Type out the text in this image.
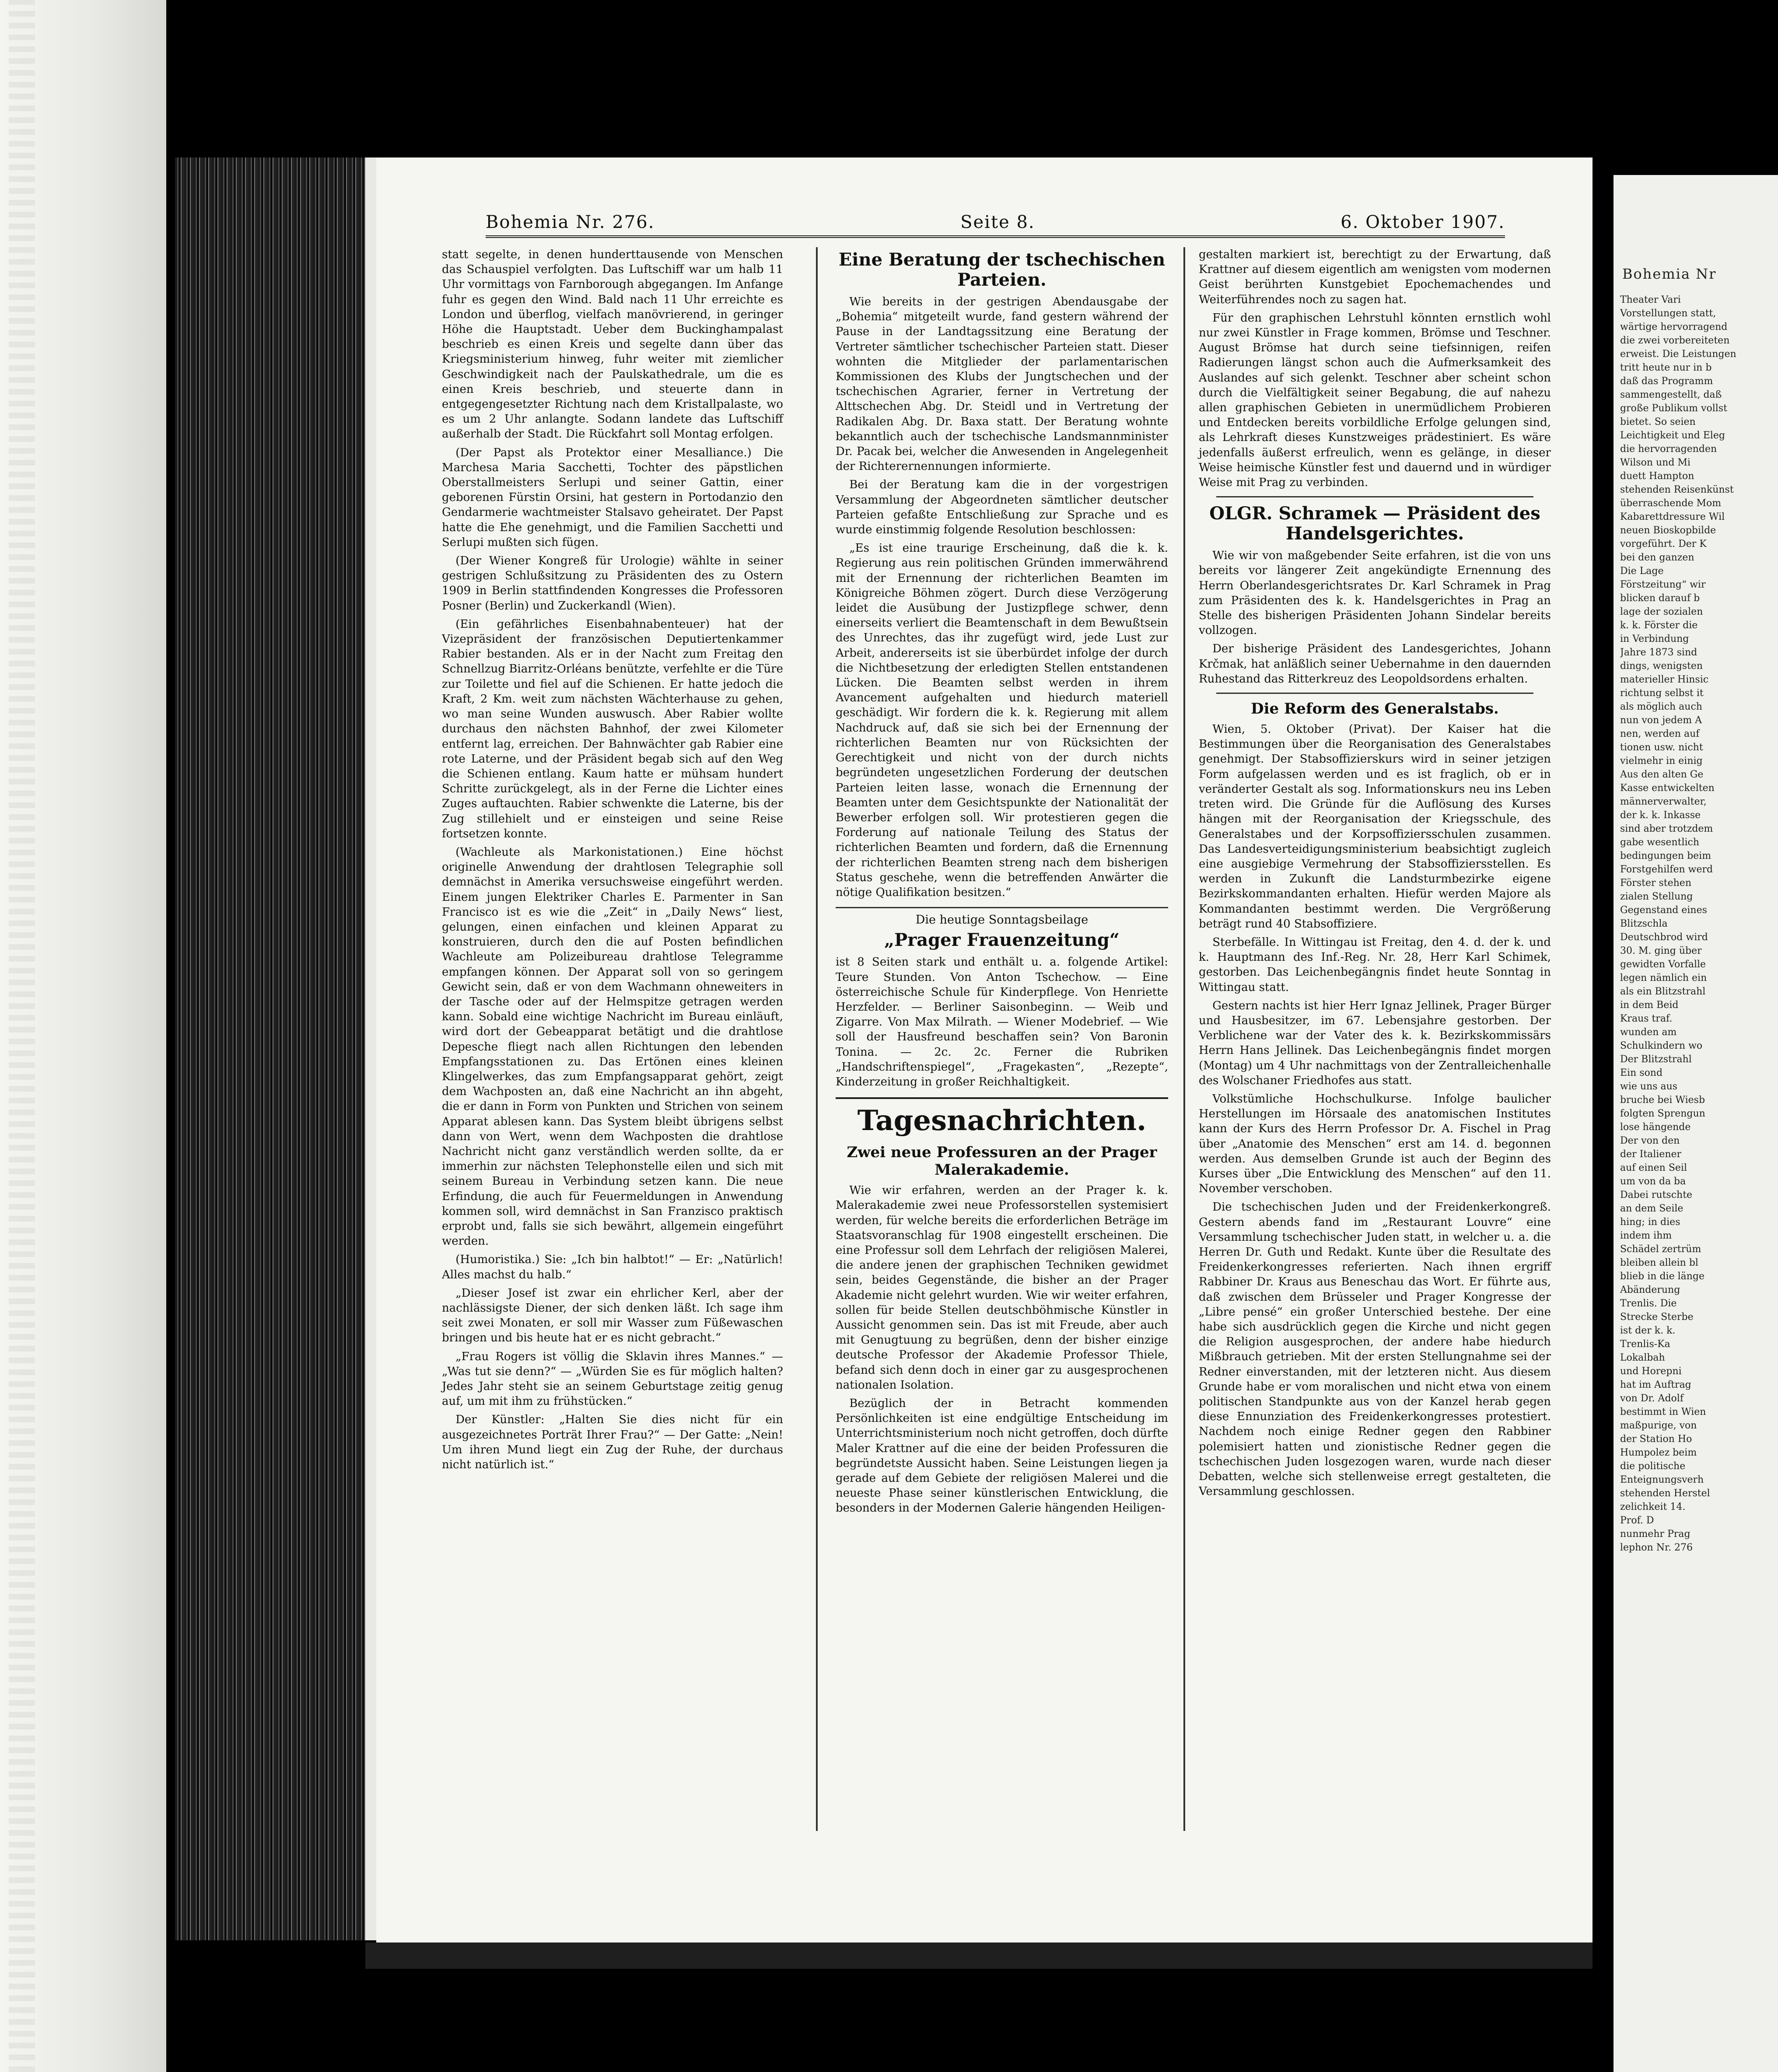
Bohemia Nr. 276.	Seite 8.	6. Oktober 1907.

statt segelte, in denen hunderttausende von Menschen das Schauspiel verfolgten. Das Luftschiff war um halb 11 Uhr vormittags von Farnborough abgegangen. Im Anfange fuhr es gegen den Wind. Bald nach 11 Uhr erreichte es London und überflog, vielfach manövrierend, in geringer Höhe die Hauptstadt. Ueber dem Buckinghampalast beschrieb es einen Kreis und segelte dann über das Kriegsministerium hinweg, fuhr weiter mit ziemlicher Geschwindigkeit nach der Paulskathedrale, um die es einen Kreis beschrieb, und steuerte dann in entgegengesetzter Richtung nach dem Kristallpalaste, wo es um 2 Uhr anlangte. Sodann landete das Luftschiff außerhalb der Stadt. Die Rückfahrt soll Montag erfolgen.

(Der Papst als Protektor einer Mesalliance.) Die Marchesa Maria Sacchetti, Tochter des päpstlichen Oberstallmeisters Serlupi und seiner Gattin, einer geborenen Fürstin Orsini, hat gestern in Portodanzio den Gendarmerie wachtmeister Stalsavo geheiratet. Der Papst hatte die Ehe genehmigt, und die Familien Sacchetti und Serlupi mußten sich fügen.

(Der Wiener Kongreß für Urologie) wählte in seiner gestrigen Schlußsitzung zu Präsidenten des zu Ostern 1909 in Berlin stattfindenden Kongresses die Professoren Posner (Berlin) und Zuckerkandl (Wien).

(Ein gefährliches Eisenbahnabenteuer) hat der Vizepräsident der französischen Deputiertenkammer Rabier bestanden. Als er in der Nacht zum Freitag den Schnellzug Biarritz-Orléans benützte, verfehlte er die Türe zur Toilette und fiel auf die Schienen. Er hatte jedoch die Kraft, 2 Km. weit zum nächsten Wächterhause zu gehen, wo man seine Wunden auswusch. Aber Rabier wollte durchaus den nächsten Bahnhof, der zwei Kilometer entfernt lag, erreichen. Der Bahnwächter gab Rabier eine rote Laterne, und der Präsident begab sich auf den Weg die Schienen entlang. Kaum hatte er mühsam hundert Schritte zurückgelegt, als in der Ferne die Lichter eines Zuges auftauchten. Rabier schwenkte die Laterne, bis der Zug stillehielt und er einsteigen und seine Reise fortsetzen konnte.

(Wachleute als Markonistationen.) Eine höchst originelle Anwendung der drahtlosen Telegraphie soll demnächst in Amerika versuchsweise eingeführt werden. Einem jungen Elektriker Charles E. Parmenter in San Francisco ist es wie die „Zeit“ in „Daily News“ liest, gelungen, einen einfachen und kleinen Apparat zu konstruieren, durch den die auf Posten befindlichen Wachleute am Polizeibureau drahtlose Telegramme empfangen können. Der Apparat soll von so geringem Gewicht sein, daß er von dem Wachmann ohneweiters in der Tasche oder auf der Helmspitze getragen werden kann. Sobald eine wichtige Nachricht im Bureau einläuft, wird dort der Gebeapparat betätigt und die drahtlose Depesche fliegt nach allen Richtungen den lebenden Empfangsstationen zu. Das Ertönen eines kleinen Klingelwerkes, das zum Empfangsapparat gehört, zeigt dem Wachposten an, daß eine Nachricht an ihn abgeht, die er dann in Form von Punkten und Strichen von seinem Apparat ablesen kann. Das System bleibt übrigens selbst dann von Wert, wenn dem Wachposten die drahtlose Nachricht nicht ganz verständlich werden sollte, da er immerhin zur nächsten Telephonstelle eilen und sich mit seinem Bureau in Verbindung setzen kann. Die neue Erfindung, die auch für Feuermeldungen in Anwendung kommen soll, wird demnächst in San Franzisco praktisch erprobt und, falls sie sich bewährt, allgemein eingeführt werden.

(Humoristika.) Sie: „Ich bin halbtot!“ — Er: „Natürlich! Alles machst du halb.“

„Dieser Josef ist zwar ein ehrlicher Kerl, aber der nachlässigste Diener, der sich denken läßt. Ich sage ihm seit zwei Monaten, er soll mir Wasser zum Füßewaschen bringen und bis heute hat er es nicht gebracht.“

„Frau Rogers ist völlig die Sklavin ihres Mannes.“ — „Was tut sie denn?“ — „Würden Sie es für möglich halten? Jedes Jahr steht sie an seinem Geburtstage zeitig genug auf, um mit ihm zu frühstücken.“

Der Künstler: „Halten Sie dies nicht für ein ausgezeichnetes Porträt Ihrer Frau?“ — Der Gatte: „Nein! Um ihren Mund liegt ein Zug der Ruhe, der durchaus nicht natürlich ist.“

Eine Beratung der tschechischen Parteien.

Wie bereits in der gestrigen Abendausgabe der „Bohemia“ mitgeteilt wurde, fand gestern während der Pause in der Landtagssitzung eine Beratung der Vertreter sämtlicher tschechischer Parteien statt. Dieser wohnten die Mitglieder der parlamentarischen Kommissionen des Klubs der Jungtschechen und der tschechischen Agrarier, ferner in Vertretung der Alttschechen Abg. Dr. Steidl und in Vertretung der Radikalen Abg. Dr. Baxa statt. Der Beratung wohnte bekanntlich auch der tschechische Landsmannminister Dr. Pacak bei, welcher die Anwesenden in Angelegenheit der Richterernennungen informierte.

Bei der Beratung kam die in der vorgestrigen Versammlung der Abgeordneten sämtlicher deutscher Parteien gefaßte Entschließung zur Sprache und es wurde einstimmig folgende Resolution beschlossen:

„Es ist eine traurige Erscheinung, daß die k. k. Regierung aus rein politischen Gründen immerwährend mit der Ernennung der richterlichen Beamten im Königreiche Böhmen zögert. Durch diese Verzögerung leidet die Ausübung der Justizpflege schwer, denn einerseits verliert die Beamtenschaft in dem Bewußtsein des Unrechtes, das ihr zugefügt wird, jede Lust zur Arbeit, andererseits ist sie überbürdet infolge der durch die Nichtbesetzung der erledigten Stellen entstandenen Lücken. Die Beamten selbst werden in ihrem Avancement aufgehalten und hiedurch materiell geschädigt. Wir fordern die k. k. Regierung mit allem Nachdruck auf, daß sie sich bei der Ernennung der richterlichen Beamten nur von Rücksichten der Gerechtigkeit und nicht von der durch nichts begründeten ungesetzlichen Forderung der deutschen Parteien leiten lasse, wonach die Ernennung der Beamten unter dem Gesichtspunkte der Nationalität der Bewerber erfolgen soll. Wir protestieren gegen die Forderung auf nationale Teilung des Status der richterlichen Beamten und fordern, daß die Ernennung der richterlichen Beamten streng nach dem bisherigen Status geschehe, wenn die betreffenden Anwärter die nötige Qualifikation besitzen.“

Die heutige Sonntagsbeilage
„Prager Frauenzeitung“

ist 8 Seiten stark und enthält u. a. folgende Artikel: Teure Stunden. Von Anton Tschechow. — Eine österreichische Schule für Kinderpflege. Von Henriette Herzfelder. — Berliner Saisonbeginn. — Weib und Zigarre. Von Max Milrath. — Wiener Modebrief. — Wie soll der Hausfreund beschaffen sein? Von Baronin Tonina. — 2c. 2c. Ferner die Rubriken „Handschriftenspiegel“, „Fragekasten“, „Rezepte“, Kinderzeitung in großer Reichhaltigkeit.

Tagesnachrichten.
Zwei neue Professuren an der Prager Malerakademie.

Wie wir erfahren, werden an der Prager k. k. Malerakademie zwei neue Professorstellen systemisiert werden, für welche bereits die erforderlichen Beträge im Staatsvoranschlag für 1908 eingestellt erscheinen. Die eine Professur soll dem Lehrfach der religiösen Malerei, die andere jenen der graphischen Techniken gewidmet sein, beides Gegenstände, die bisher an der Prager Akademie nicht gelehrt wurden. Wie wir weiter erfahren, sollen für beide Stellen deutschböhmische Künstler in Aussicht genommen sein. Das ist mit Freude, aber auch mit Genugtuung zu begrüßen, denn der bisher einzige deutsche Professor der Akademie Professor Thiele, befand sich denn doch in einer gar zu ausgesprochenen nationalen Isolation.

Bezüglich der in Betracht kommenden Persönlichkeiten ist eine endgültige Entscheidung im Unterrichtsministerium noch nicht getroffen, doch dürfte Maler Krattner auf die eine der beiden Professuren die begründetste Aussicht haben. Seine Leistungen liegen ja gerade auf dem Gebiete der religiösen Malerei und die neueste Phase seiner künstlerischen Entwicklung, die besonders in der Modernen Galerie hängenden Heiligen-

gestalten markiert ist, berechtigt zu der Erwartung, daß Krattner auf diesem eigentlich am wenigsten vom modernen Geist berührten Kunstgebiet Epochemachendes und Weiterführendes noch zu sagen hat.

Für den graphischen Lehrstuhl könnten ernstlich wohl nur zwei Künstler in Frage kommen, Brömse und Teschner. August Brömse hat durch seine tiefsinnigen, reifen Radierungen längst schon auch die Aufmerksamkeit des Auslandes auf sich gelenkt. Teschner aber scheint schon durch die Vielfältigkeit seiner Begabung, die auf nahezu allen graphischen Gebieten in unermüdlichem Probieren und Entdecken bereits vorbildliche Erfolge gelungen sind, als Lehrkraft dieses Kunstzweiges prädestiniert. Es wäre jedenfalls äußerst erfreulich, wenn es gelänge, in dieser Weise heimische Künstler fest und dauernd und in würdiger Weise mit Prag zu verbinden.

OLGR. Schramek — Präsident des Handelsgerichtes.

Wie wir von maßgebender Seite erfahren, ist die von uns bereits vor längerer Zeit angekündigte Ernennung des Herrn Oberlandesgerichtsrates Dr. Karl Schramek in Prag zum Präsidenten des k. k. Handelsgerichtes in Prag an Stelle des bisherigen Präsidenten Johann Sindelar bereits vollzogen.

Der bisherige Präsident des Landesgerichtes, Johann Krčmak, hat anläßlich seiner Uebernahme in den dauernden Ruhestand das Ritterkreuz des Leopoldsordens erhalten.

Die Reform des Generalstabs.

Wien, 5. Oktober (Privat). Der Kaiser hat die Bestimmungen über die Reorganisation des Generalstabes genehmigt. Der Stabsoffizierskurs wird in seiner jetzigen Form aufgelassen werden und es ist fraglich, ob er in veränderter Gestalt als sog. Informationskurs neu ins Leben treten wird. Die Gründe für die Auflösung des Kurses hängen mit der Reorganisation der Kriegsschule, des Generalstabes und der Korpsoffiziersschulen zusammen. Das Landesverteidigungsministerium beabsichtigt zugleich eine ausgiebige Vermehrung der Stabsoffiziersstellen. Es werden in Zukunft die Landsturmbezirke eigene Bezirkskommandanten erhalten. Hiefür werden Majore als Kommandanten bestimmt werden. Die Vergrößerung beträgt rund 40 Stabsoffiziere.

Sterbefälle. In Wittingau ist Freitag, den 4. d. der k. und k. Hauptmann des Inf.-Reg. Nr. 28, Herr Karl Schimek, gestorben. Das Leichenbegängnis findet heute Sonntag in Wittingau statt.

Gestern nachts ist hier Herr Ignaz Jellinek, Prager Bürger und Hausbesitzer, im 67. Lebensjahre gestorben. Der Verblichene war der Vater des k. k. Bezirkskommissärs Herrn Hans Jellinek. Das Leichenbegängnis findet morgen (Montag) um 4 Uhr nachmittags von der Zentralleichenhalle des Wolschaner Friedhofes aus statt.

Volkstümliche Hochschulkurse. Infolge baulicher Herstellungen im Hörsaale des anatomischen Institutes kann der Kurs des Herrn Professor Dr. A. Fischel in Prag über „Anatomie des Menschen“ erst am 14. d. begonnen werden. Aus demselben Grunde ist auch der Beginn des Kurses über „Die Entwicklung des Menschen“ auf den 11. November verschoben.

Die tschechischen Juden und der Freidenkerkongreß. Gestern abends fand im „Restaurant Louvre“ eine Versammlung tschechischer Juden statt, in welcher u. a. die Herren Dr. Guth und Redakt. Kunte über die Resultate des Freidenkerkongresses referierten. Nach ihnen ergriff Rabbiner Dr. Kraus aus Beneschau das Wort. Er führte aus, daß zwischen dem Brüsseler und Prager Kongresse der „Libre pensé“ ein großer Unterschied bestehe. Der eine habe sich ausdrücklich gegen die Kirche und nicht gegen die Religion ausgesprochen, der andere habe hiedurch Mißbrauch getrieben. Mit der ersten Stellungnahme sei der Redner einverstanden, mit der letzteren nicht. Aus diesem Grunde habe er vom moralischen und nicht etwa von einem politischen Standpunkte aus von der Kanzel herab gegen diese Ennunziation des Freidenkerkongresses protestiert. Nachdem noch einige Redner gegen den Rabbiner polemisiert hatten und zionistische Redner gegen die tschechischen Juden losgezogen waren, wurde nach dieser Debatten, welche sich stellenweise erregt gestalteten, die Versammlung geschlossen.

Bohemia Nr
Theater Vari
Vorstellungen statt,
wärtige hervorragend
die zwei vorbereiteten
erweist. Die Leistungen
tritt heute nur in b
daß das Programm
sammengestellt, daß
große Publikum vollst
bietet. So seien
Leichtigkeit und Eleg
die hervorragenden
Wilson und Mi
duett Hampton
stehenden Reisenkünst
überraschende Mom
Kabarettdressure Wil
neuen Bioskopbilde
vorgeführt. Der K
bei den ganzen
Die Lage
Förstzeitung“ wir
blicken darauf b
lage der sozialen
k. k. Förster die
in Verbindung
Jahre 1873 sind
dings, wenigsten
materieller Hinsic
richtung selbst it
als möglich auch
nun von jedem A
nen, werden auf
tionen usw. nicht
vielmehr in einig
Aus den alten Ge
Kasse entwickelten
männerverwalter,
der k. k. Inkasse
sind aber trotzdem
gabe wesentlich
bedingungen beim
Forstgehilfen werd
Förster stehen
zialen Stellung
Gegenstand eines
Blitzschla
Deutschbrod wird
30. M. ging über
gewidten Vorfalle
legen nämlich ein
als ein Blitzstrahl
in dem Beid
Kraus traf.
wunden am
Schulkindern wo
Der Blitzstrahl
Ein sond
wie uns aus
bruche bei Wiesb
folgten Sprengun
lose hängende
Der von den
der Italiener
auf einen Seil
um von da ba
Dabei rutschte
an dem Seile
hing; in dies
indem ihm
Schädel zertrüm
bleiben allein bl
blieb in die länge
Abänderung
Trenlis. Die
Strecke Sterbe
ist der k. k.
Trenlis-Ka
Lokalbah
und Horepni
hat im Auftrag
von Dr. Adolf
bestimmt in Wien
maßpurige, von
der Station Ho
Humpolez beim
die politische
Enteignungsverh
stehenden Herstel
zelichkeit 14.
Prof. D
nunmehr Prag
lephon Nr. 276
